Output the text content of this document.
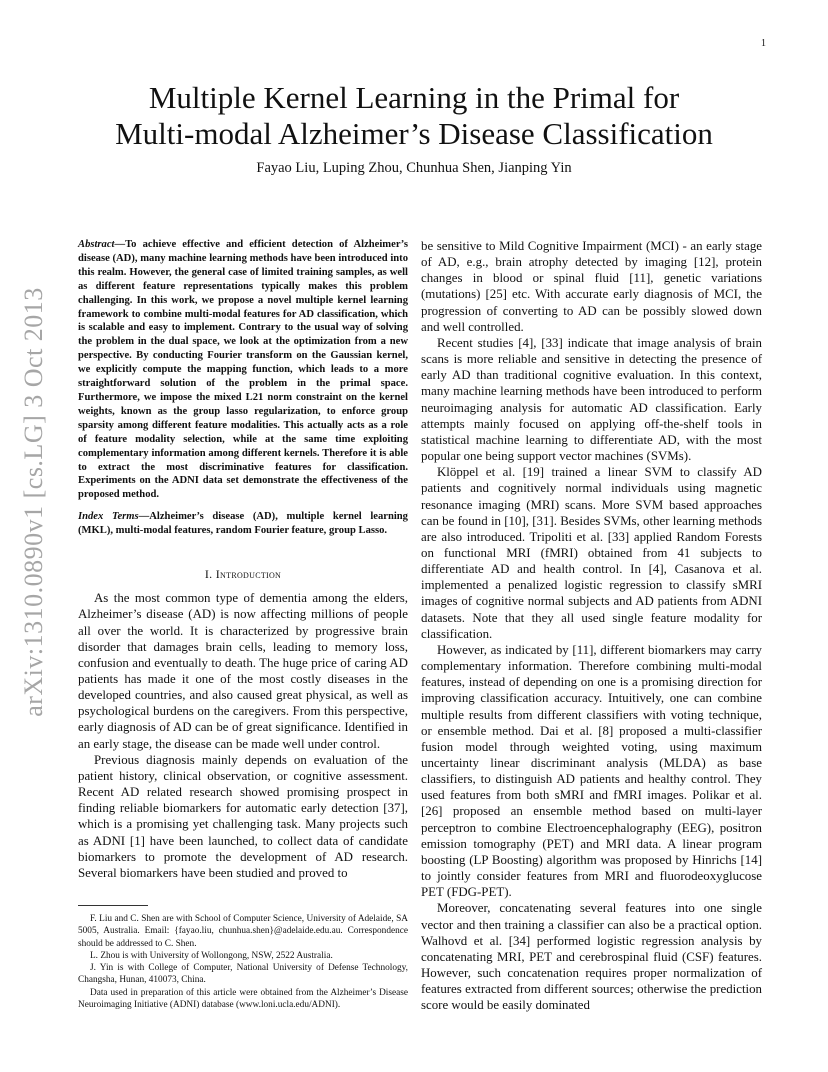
1
arXiv:1310.0890v1 [cs.LG] 3 Oct 2013
Multiple Kernel Learning in the Primal for
Multi-modal Alzheimer’s Disease Classification
Fayao Liu, Luping Zhou, Chunhua Shen, Jianping Yin
Abstract—To achieve effective and efficient detection of Alzheimer’s disease (AD), many machine learning methods have been introduced into this realm. However, the general case of limited training samples, as well as different feature representations typically makes this problem challenging. In this work, we propose a novel multiple kernel learning framework to combine multi-modal features for AD classification, which is scalable and easy to implement. Contrary to the usual way of solving the problem in the dual space, we look at the optimization from a new perspective. By conducting Fourier transform on the Gaussian kernel, we explicitly compute the mapping function, which leads to a more straightforward solution of the problem in the primal space. Furthermore, we impose the mixed L21 norm constraint on the kernel weights, known as the group lasso regularization, to enforce group sparsity among different feature modalities. This actually acts as a role of feature modality selection, while at the same time exploiting complementary information among different kernels. Therefore it is able to extract the most discriminative features for classification. Experiments on the ADNI data set demonstrate the effectiveness of the proposed method.
Index Terms—Alzheimer’s disease (AD), multiple kernel learning (MKL), multi-modal features, random Fourier feature, group Lasso.
I. Introduction

As the most common type of dementia among the elders, Alzheimer’s disease (AD) is now affecting millions of people all over the world. It is characterized by progressive brain disorder that damages brain cells, leading to memory loss, confusion and eventually to death. The huge price of caring AD patients has made it one of the most costly diseases in the developed countries, and also caused great physical, as well as psychological burdens on the caregivers. From this perspective, early diagnosis of AD can be of great significance. Identified in an early stage, the disease can be made well under control.

Previous diagnosis mainly depends on evaluation of the patient history, clinical observation, or cognitive assessment. Recent AD related research showed promising prospect in finding reliable biomarkers for automatic early detection [37], which is a promising yet challenging task. Many projects such as ADNI [1] have been launched, to collect data of candidate biomarkers to promote the development of AD research. Several biomarkers have been studied and proved to

F. Liu and C. Shen are with School of Computer Science, University of Adelaide, SA 5005, Australia. Email: {fayao.liu, chunhua.shen}@adelaide.edu.au. Correspondence should be addressed to C. Shen.
L. Zhou is with University of Wollongong, NSW, 2522 Australia.
J. Yin is with College of Computer, National University of Defense Technology, Changsha, Hunan, 410073, China.
Data used in preparation of this article were obtained from the Alzheimer’s Disease Neuroimaging Initiative (ADNI) database (www.loni.ucla.edu/ADNI).

be sensitive to Mild Cognitive Impairment (MCI) - an early stage of AD, e.g., brain atrophy detected by imaging [12], protein changes in blood or spinal fluid [11], genetic variations (mutations) [25] etc. With accurate early diagnosis of MCI, the progression of converting to AD can be possibly slowed down and well controlled.

Recent studies [4], [33] indicate that image analysis of brain scans is more reliable and sensitive in detecting the presence of early AD than traditional cognitive evaluation. In this context, many machine learning methods have been introduced to perform neuroimaging analysis for automatic AD classification. Early attempts mainly focused on applying off-the-shelf tools in statistical machine learning to differentiate AD, with the most popular one being support vector machines (SVMs).

Klöppel et al. [19] trained a linear SVM to classify AD patients and cognitively normal individuals using magnetic resonance imaging (MRI) scans. More SVM based approaches can be found in [10], [31]. Besides SVMs, other learning methods are also introduced. Tripoliti et al. [33] applied Random Forests on functional MRI (fMRI) obtained from 41 subjects to differentiate AD and health control. In [4], Casanova et al. implemented a penalized logistic regression to classify sMRI images of cognitive normal subjects and AD patients from ADNI datasets. Note that they all used single feature modality for classification.

However, as indicated by [11], different biomarkers may carry complementary information. Therefore combining multi-modal features, instead of depending on one is a promising direction for improving classification accuracy. Intuitively, one can combine multiple results from different classifiers with voting technique, or ensemble method. Dai et al. [8] proposed a multi-classifier fusion model through weighted voting, using maximum uncertainty linear discriminant analysis (MLDA) as base classifiers, to distinguish AD patients and healthy control. They used features from both sMRI and fMRI images. Polikar et al. [26] proposed an ensemble method based on multi-layer perceptron to combine Electroencephalography (EEG), positron emission tomography (PET) and MRI data. A linear program boosting (LP Boosting) algorithm was proposed by Hinrichs [14] to jointly consider features from MRI and fluorodeoxyglucose PET (FDG-PET).

Moreover, concatenating several features into one single vector and then training a classifier can also be a practical option. Walhovd et al. [34] performed logistic regression analysis by concatenating MRI, PET and cerebrospinal fluid (CSF) features. However, such concatenation requires proper normalization of features extracted from different sources; otherwise the prediction score would be easily dominated
